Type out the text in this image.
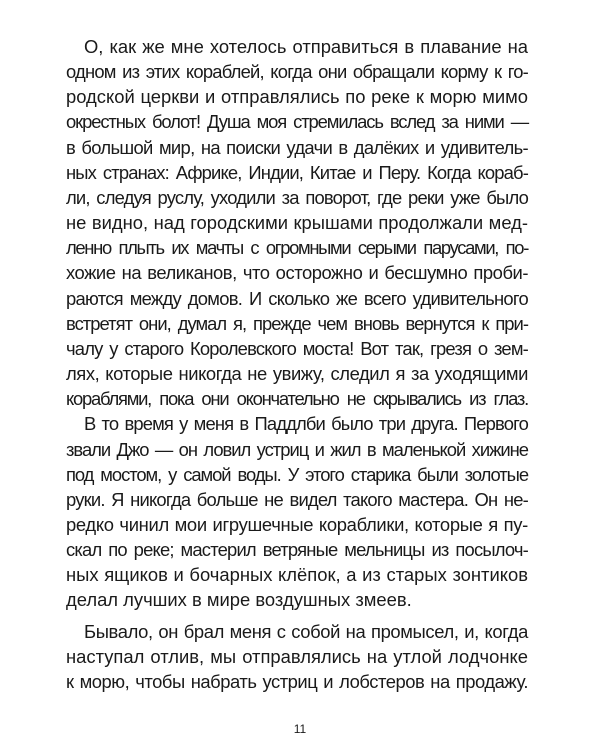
О, как же мне хотелось отправиться в плавание на
одном из этих кораблей, когда они обращали корму к го-
родской церкви и отправлялись по реке к морю мимо
окрестных болот! Душа моя стремилась вслед за ними —
в большой мир, на поиски удачи в далёких и удивитель-
ных странах: Африке, Индии, Китае и Перу. Когда кораб-
ли, следуя руслу, уходили за поворот, где реки уже было
не видно, над городскими крышами продолжали мед-
ленно плыть их мачты с огромными серыми парусами, по-
хожие на великанов, что осторожно и бесшумно проби-
раются между домов. И сколько же всего удивительного
встретят они, думал я, прежде чем вновь вернутся к при-
чалу у старого Королевского моста! Вот так, грезя о зем-
лях, которые никогда не увижу, следил я за уходящими
кораблями, пока они окончательно не скрывались из глаз.
В то время у меня в Паддлби было три друга. Первого
звали Джо — он ловил устриц и жил в маленькой хижине
под мостом, у самой воды. У этого старика были золотые
руки. Я никогда больше не видел такого мастера. Он не-
редко чинил мои игрушечные кораблики, которые я пу-
скал по реке; мастерил ветряные мельницы из посылоч-
ных ящиков и бочарных клёпок, а из старых зонтиков
делал лучших в мире воздушных змеев.
Бывало, он брал меня с собой на промысел, и, когда
наступал отлив, мы отправлялись на утлой лодчонке
к морю, чтобы набрать устриц и лобстеров на продажу.
11
